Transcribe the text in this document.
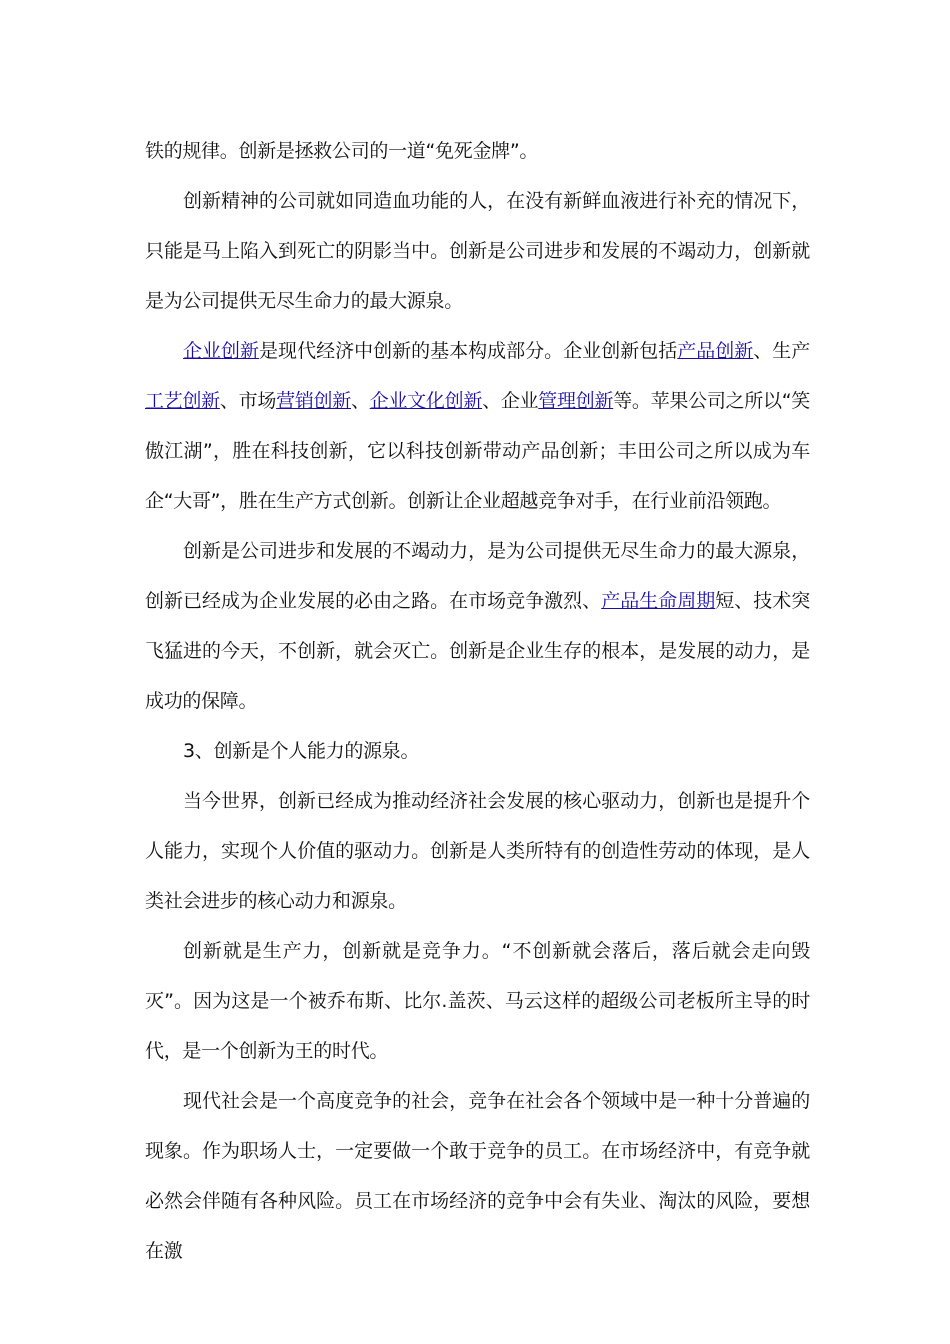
铁的规律。创新是拯救公司的一道“免死金牌”。

创新精神的公司就如同造血功能的人，在没有新鲜血液进行补充的情况下，只能是马上陷入到死亡的阴影当中。创新是公司进步和发展的不竭动力，创新就是为公司提供无尽生命力的最大源泉。

企业创新是现代经济中创新的基本构成部分。企业创新包括产品创新、生产工艺创新、市场营销创新、企业文化创新、企业管理创新等。苹果公司之所以“笑傲江湖”，胜在科技创新，它以科技创新带动产品创新；丰田公司之所以成为车企“大哥”，胜在生产方式创新。创新让企业超越竞争对手，在行业前沿领跑。

创新是公司进步和发展的不竭动力，是为公司提供无尽生命力的最大源泉，创新已经成为企业发展的必由之路。在市场竞争激烈、产品生命周期短、技术突飞猛进的今天，不创新，就会灭亡。创新是企业生存的根本，是发展的动力，是成功的保障。

3、创新是个人能力的源泉。

当今世界，创新已经成为推动经济社会发展的核心驱动力，创新也是提升个人能力，实现个人价值的驱动力。创新是人类所特有的创造性劳动的体现，是人类社会进步的核心动力和源泉。

创新就是生产力，创新就是竞争力。“不创新就会落后，落后就会走向毁灭”。因为这是一个被乔布斯、比尔.盖茨、马云这样的超级公司老板所主导的时代，是一个创新为王的时代。

现代社会是一个高度竞争的社会，竞争在社会各个领域中是一种十分普遍的现象。作为职场人士，一定要做一个敢于竞争的员工。在市场经济中，有竞争就必然会伴随有各种风险。员工在市场经济的竞争中会有失业、淘汰的风险，要想在激
